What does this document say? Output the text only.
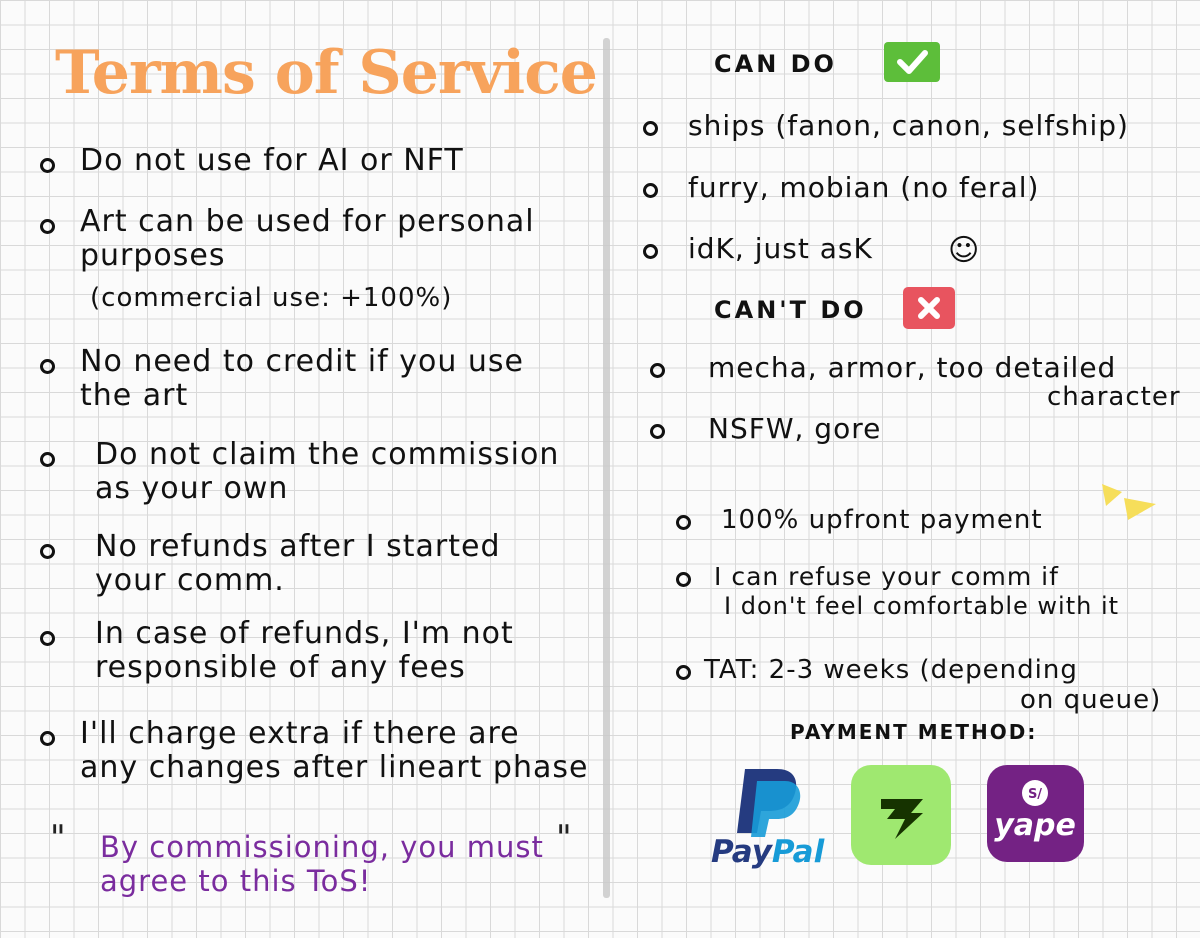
Terms of Service
Do not use for AI or NFT
Art can be used for personal
purposes
(commercial use: +100%)
No need to credit if you use
the art
Do not claim the commission
as your own
No refunds after I started
your comm.
In case of refunds, I'm not
responsible of any fees
I'll charge extra if there are
any changes after lineart phase
" By commissioning, you must
agree to this ToS!
"
CAN DO
ships (fanon, canon, selfship)
furry, mobian (no feral)
idK, just asK	☺
CAN'T DO
mecha, armor, too detailed
character
NSFW, gore
100% upfront payment
I can refuse your comm if
I don't feel comfortable with it
TAT: 2-3 weeks (depending
on queue)
PAYMENT METHOD:
PayPal
S/
yape
